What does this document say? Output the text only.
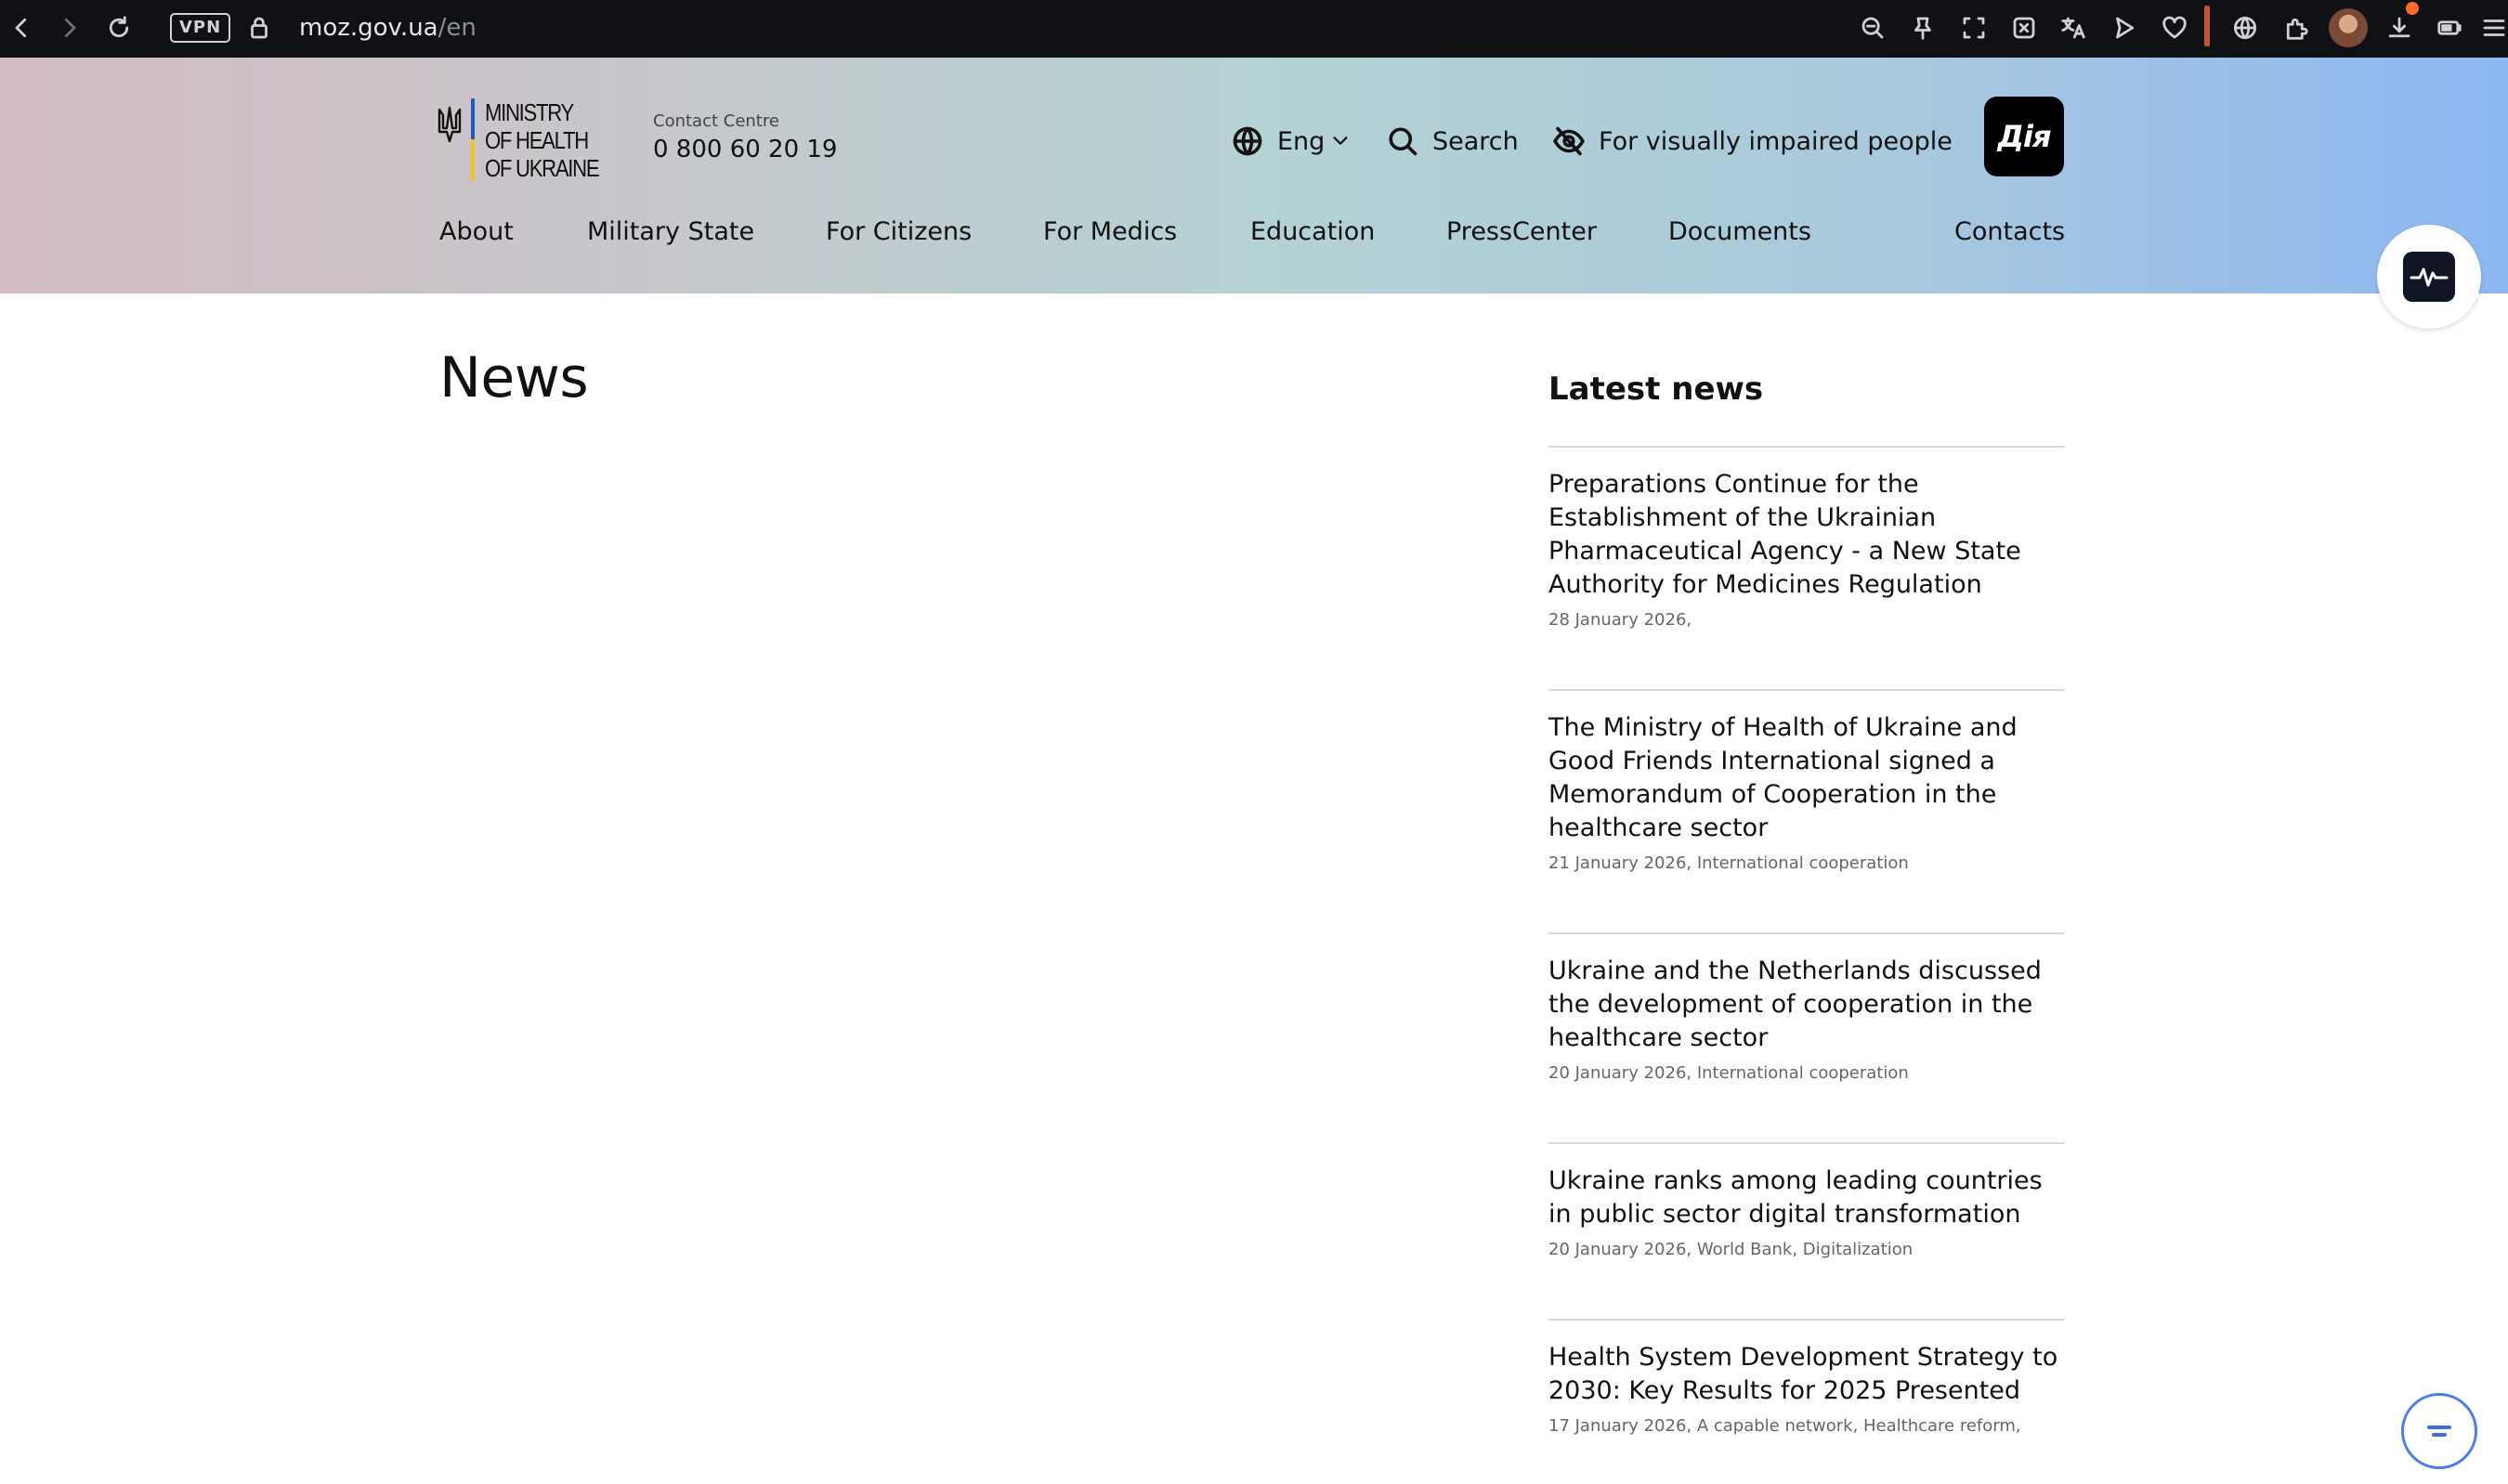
VPN	moz.gov.ua/en
MINISTRY
OF HEALTH
OF UKRAINE
Contact Centre
0 800 60 20 19	Eng	Search	For visually impaired people	Дія
About	Military State	For Citizens	For Medics	Education	PressCenter	Documents	Contacts
News	Latest news
Preparations Continue for the Establishment of the Ukrainian Pharmaceutical Agency - a New State Authority for Medicines Regulation
28 January 2026,
The Ministry of Health of Ukraine and Good Friends International signed a Memorandum of Cooperation in the healthcare sector
21 January 2026, International cooperation
Ukraine and the Netherlands discussed the development of cooperation in the healthcare sector
20 January 2026, International cooperation
Ukraine ranks among leading countries in public sector digital transformation
20 January 2026, World Bank, Digitalization
Health System Development Strategy to 2030: Key Results for 2025 Presented
17 January 2026, A capable network, Healthcare reform,
